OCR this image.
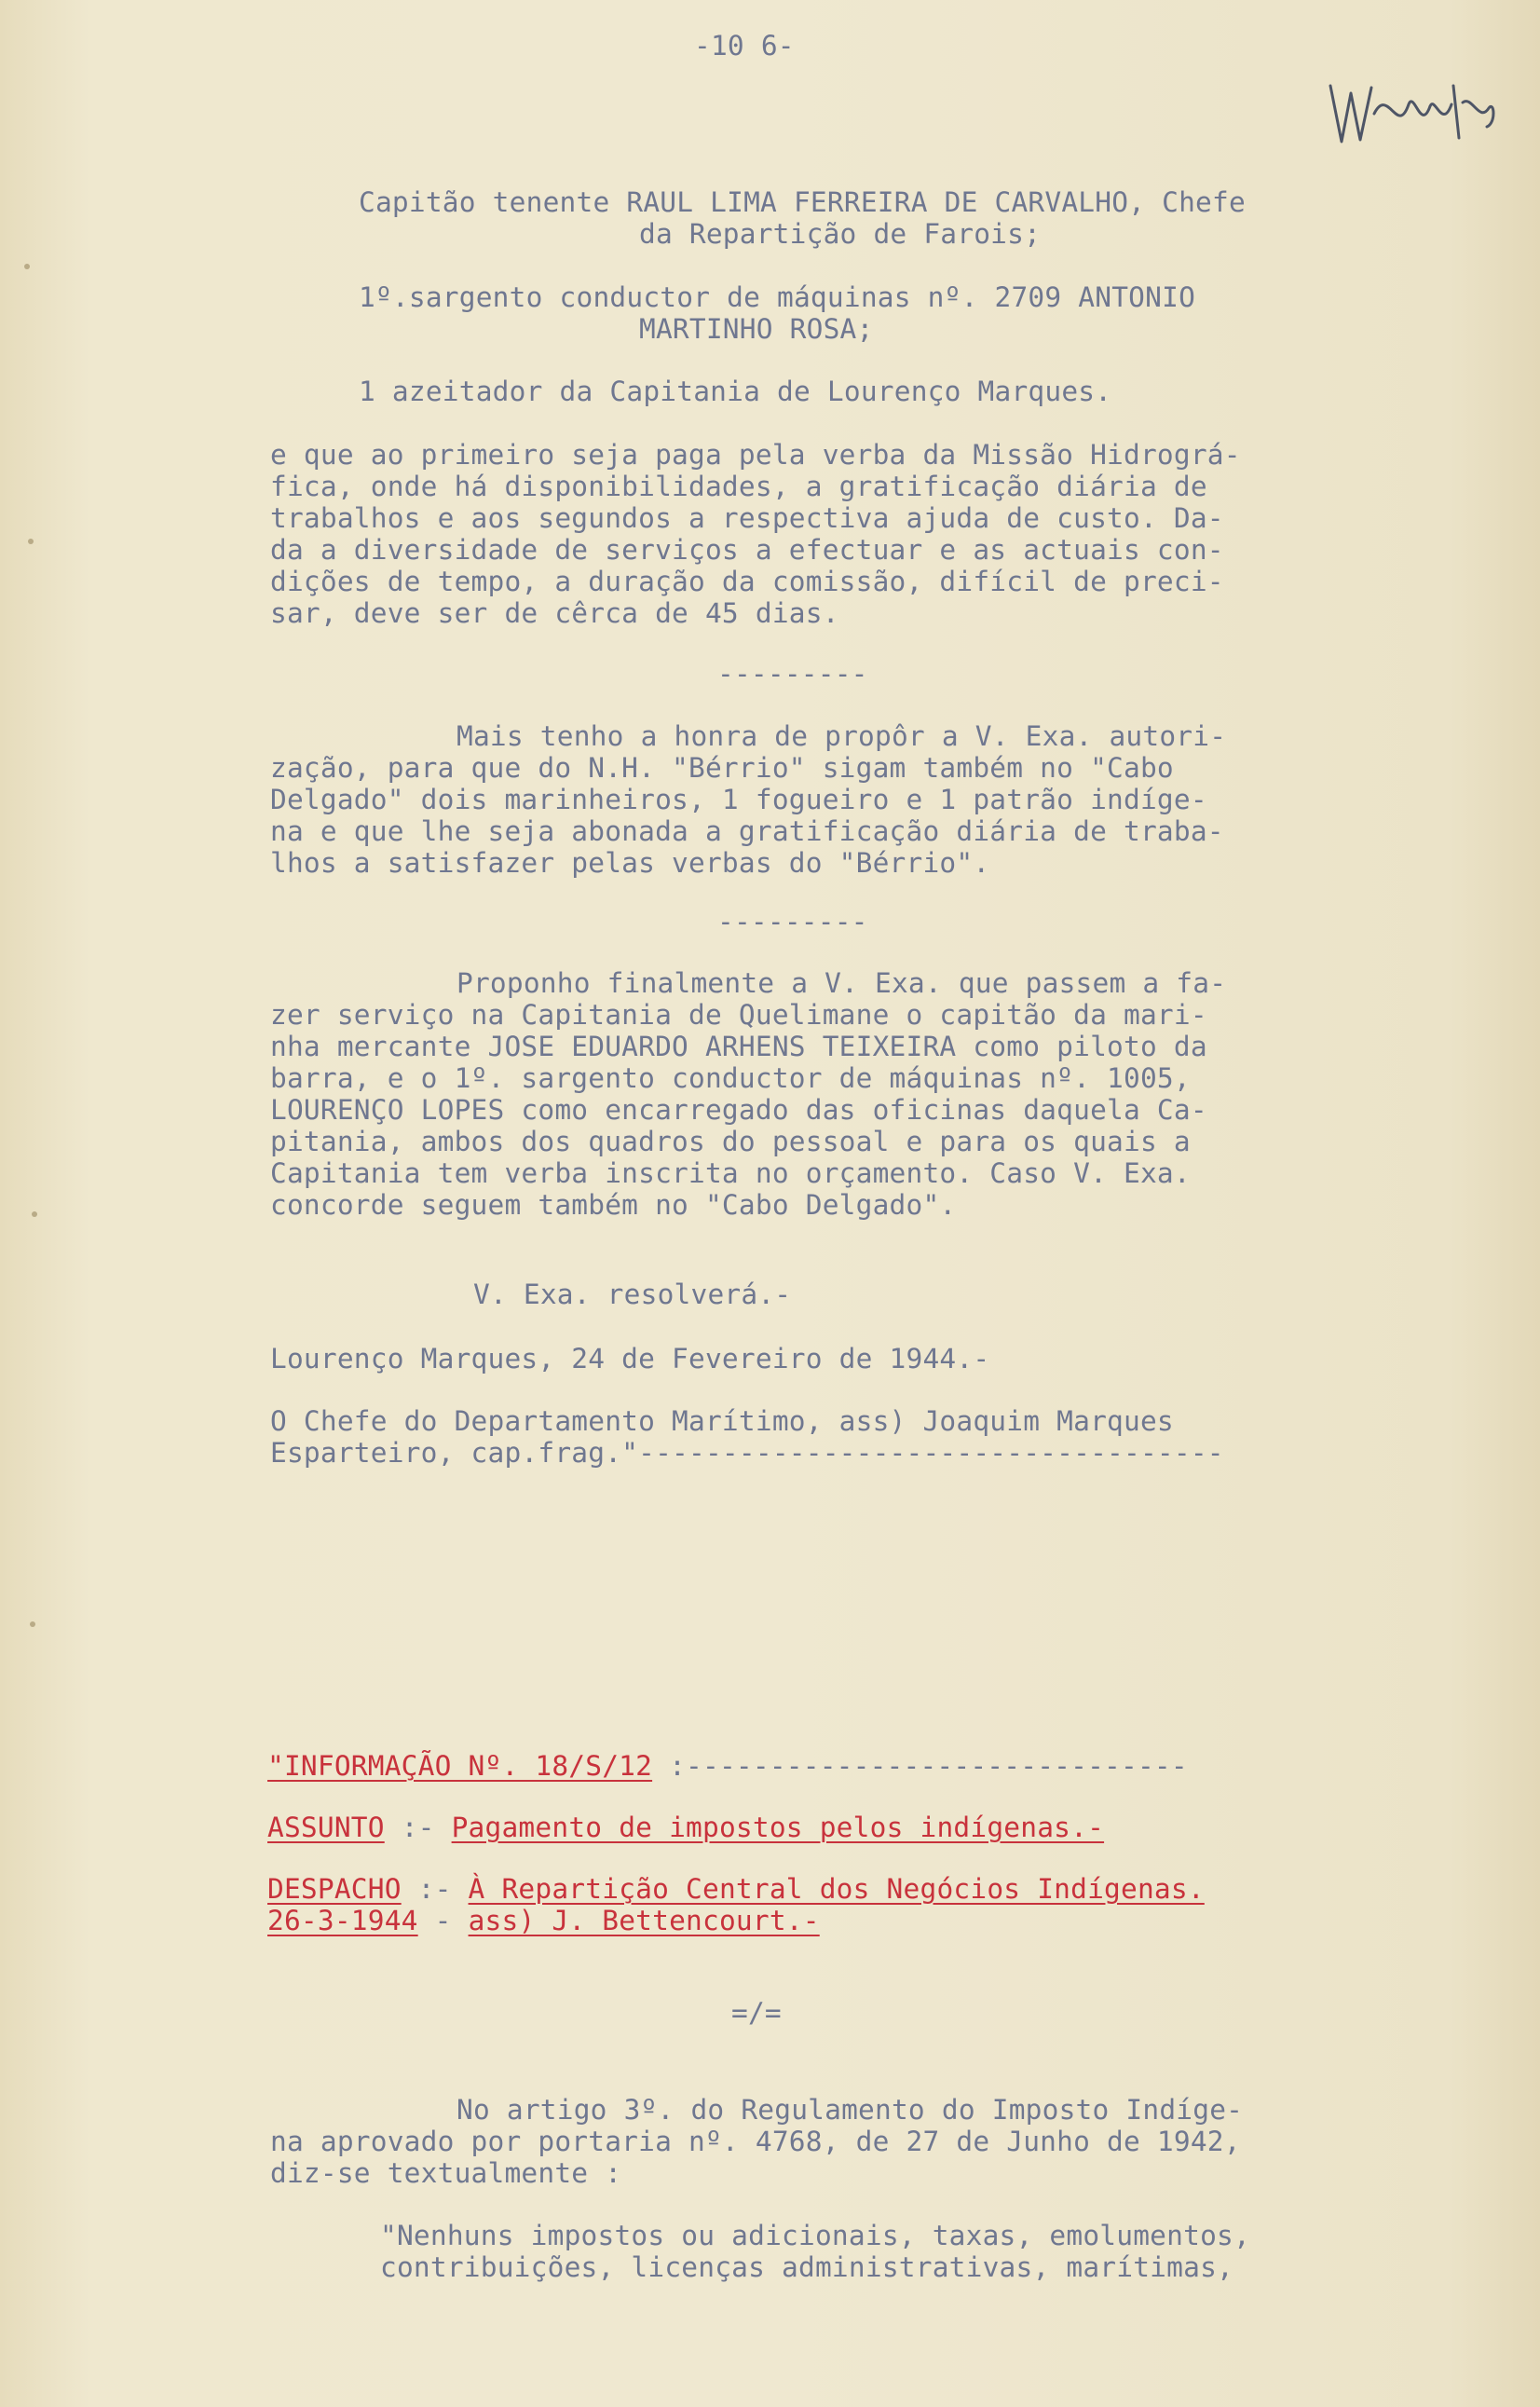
-10 6-
Capitão tenente RAUL LIMA FERREIRA DE CARVALHO, Chefe
da Repartição de Farois;
1º.sargento conductor de máquinas nº. 2709 ANTONIO
MARTINHO ROSA;
1 azeitador da Capitania de Lourenço Marques.
e que ao primeiro seja paga pela verba da Missão Hidrográ-
fica, onde há disponibilidades, a gratificação diária de
trabalhos e aos segundos a respectiva ajuda de custo. Da-
da a diversidade de serviços a efectuar e as actuais con-
dições de tempo, a duração da comissão, difícil de preci-
sar, deve ser de cêrca de 45 dias.
---------
Mais tenho a honra de propôr a V. Exa. autori-
zação, para que do N.H. "Bérrio" sigam também no "Cabo
Delgado" dois marinheiros, 1 fogueiro e 1 patrão indíge-
na e que lhe seja abonada a gratificação diária de traba-
lhos a satisfazer pelas verbas do "Bérrio".
---------
Proponho finalmente a V. Exa. que passem a fa-
zer serviço na Capitania de Quelimane o capitão da mari-
nha mercante JOSE EDUARDO ARHENS TEIXEIRA como piloto da
barra, e o 1º. sargento conductor de máquinas nº. 1005,
LOURENÇO LOPES como encarregado das oficinas daquela Ca-
pitania, ambos dos quadros do pessoal e para os quais a
Capitania tem verba inscrita no orçamento. Caso V. Exa.
concorde seguem também no "Cabo Delgado".
V. Exa. resolverá.-
Lourenço Marques, 24 de Fevereiro de 1944.-
O Chefe do Departamento Marítimo, ass) Joaquim Marques
Esparteiro, cap.frag."-----------------------------------
"INFORMAÇÃO Nº. 18/S/12 :------------------------------
ASSUNTO :- Pagamento de impostos pelos indígenas.-
DESPACHO :- À Repartição Central dos Negócios Indígenas.
26-3-1944 - ass) J. Bettencourt.-
=/=
No artigo 3º. do Regulamento do Imposto Indíge-
na aprovado por portaria nº. 4768, de 27 de Junho de 1942,
diz-se textualmente :
"Nenhuns impostos ou adicionais, taxas, emolumentos,
contribuições, licenças administrativas, marítimas,
